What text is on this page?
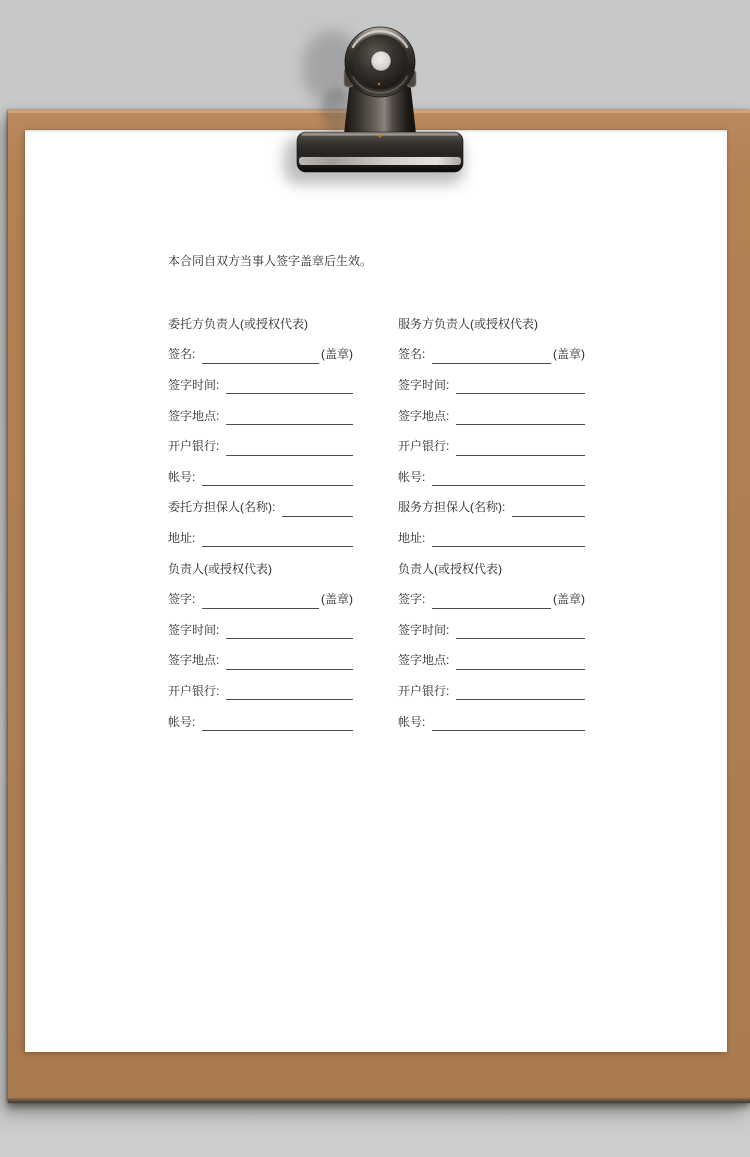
本合同自双方当事人签字盖章后生效。

委托方负责人(或授权代表)
签名:	(盖章)
签字时间:
签字地点:
开户银行:
帐号:
委托方担保人(名称):
地址:
负责人(或授权代表)
签字:	(盖章)
签字时间:
签字地点:
开户银行:
帐号:
服务方负责人(或授权代表)
签名:	(盖章)
签字时间:
签字地点:
开户银行:
帐号:
服务方担保人(名称):
地址:
负责人(或授权代表)
签字:	(盖章)
签字时间:
签字地点:
开户银行:
帐号:
